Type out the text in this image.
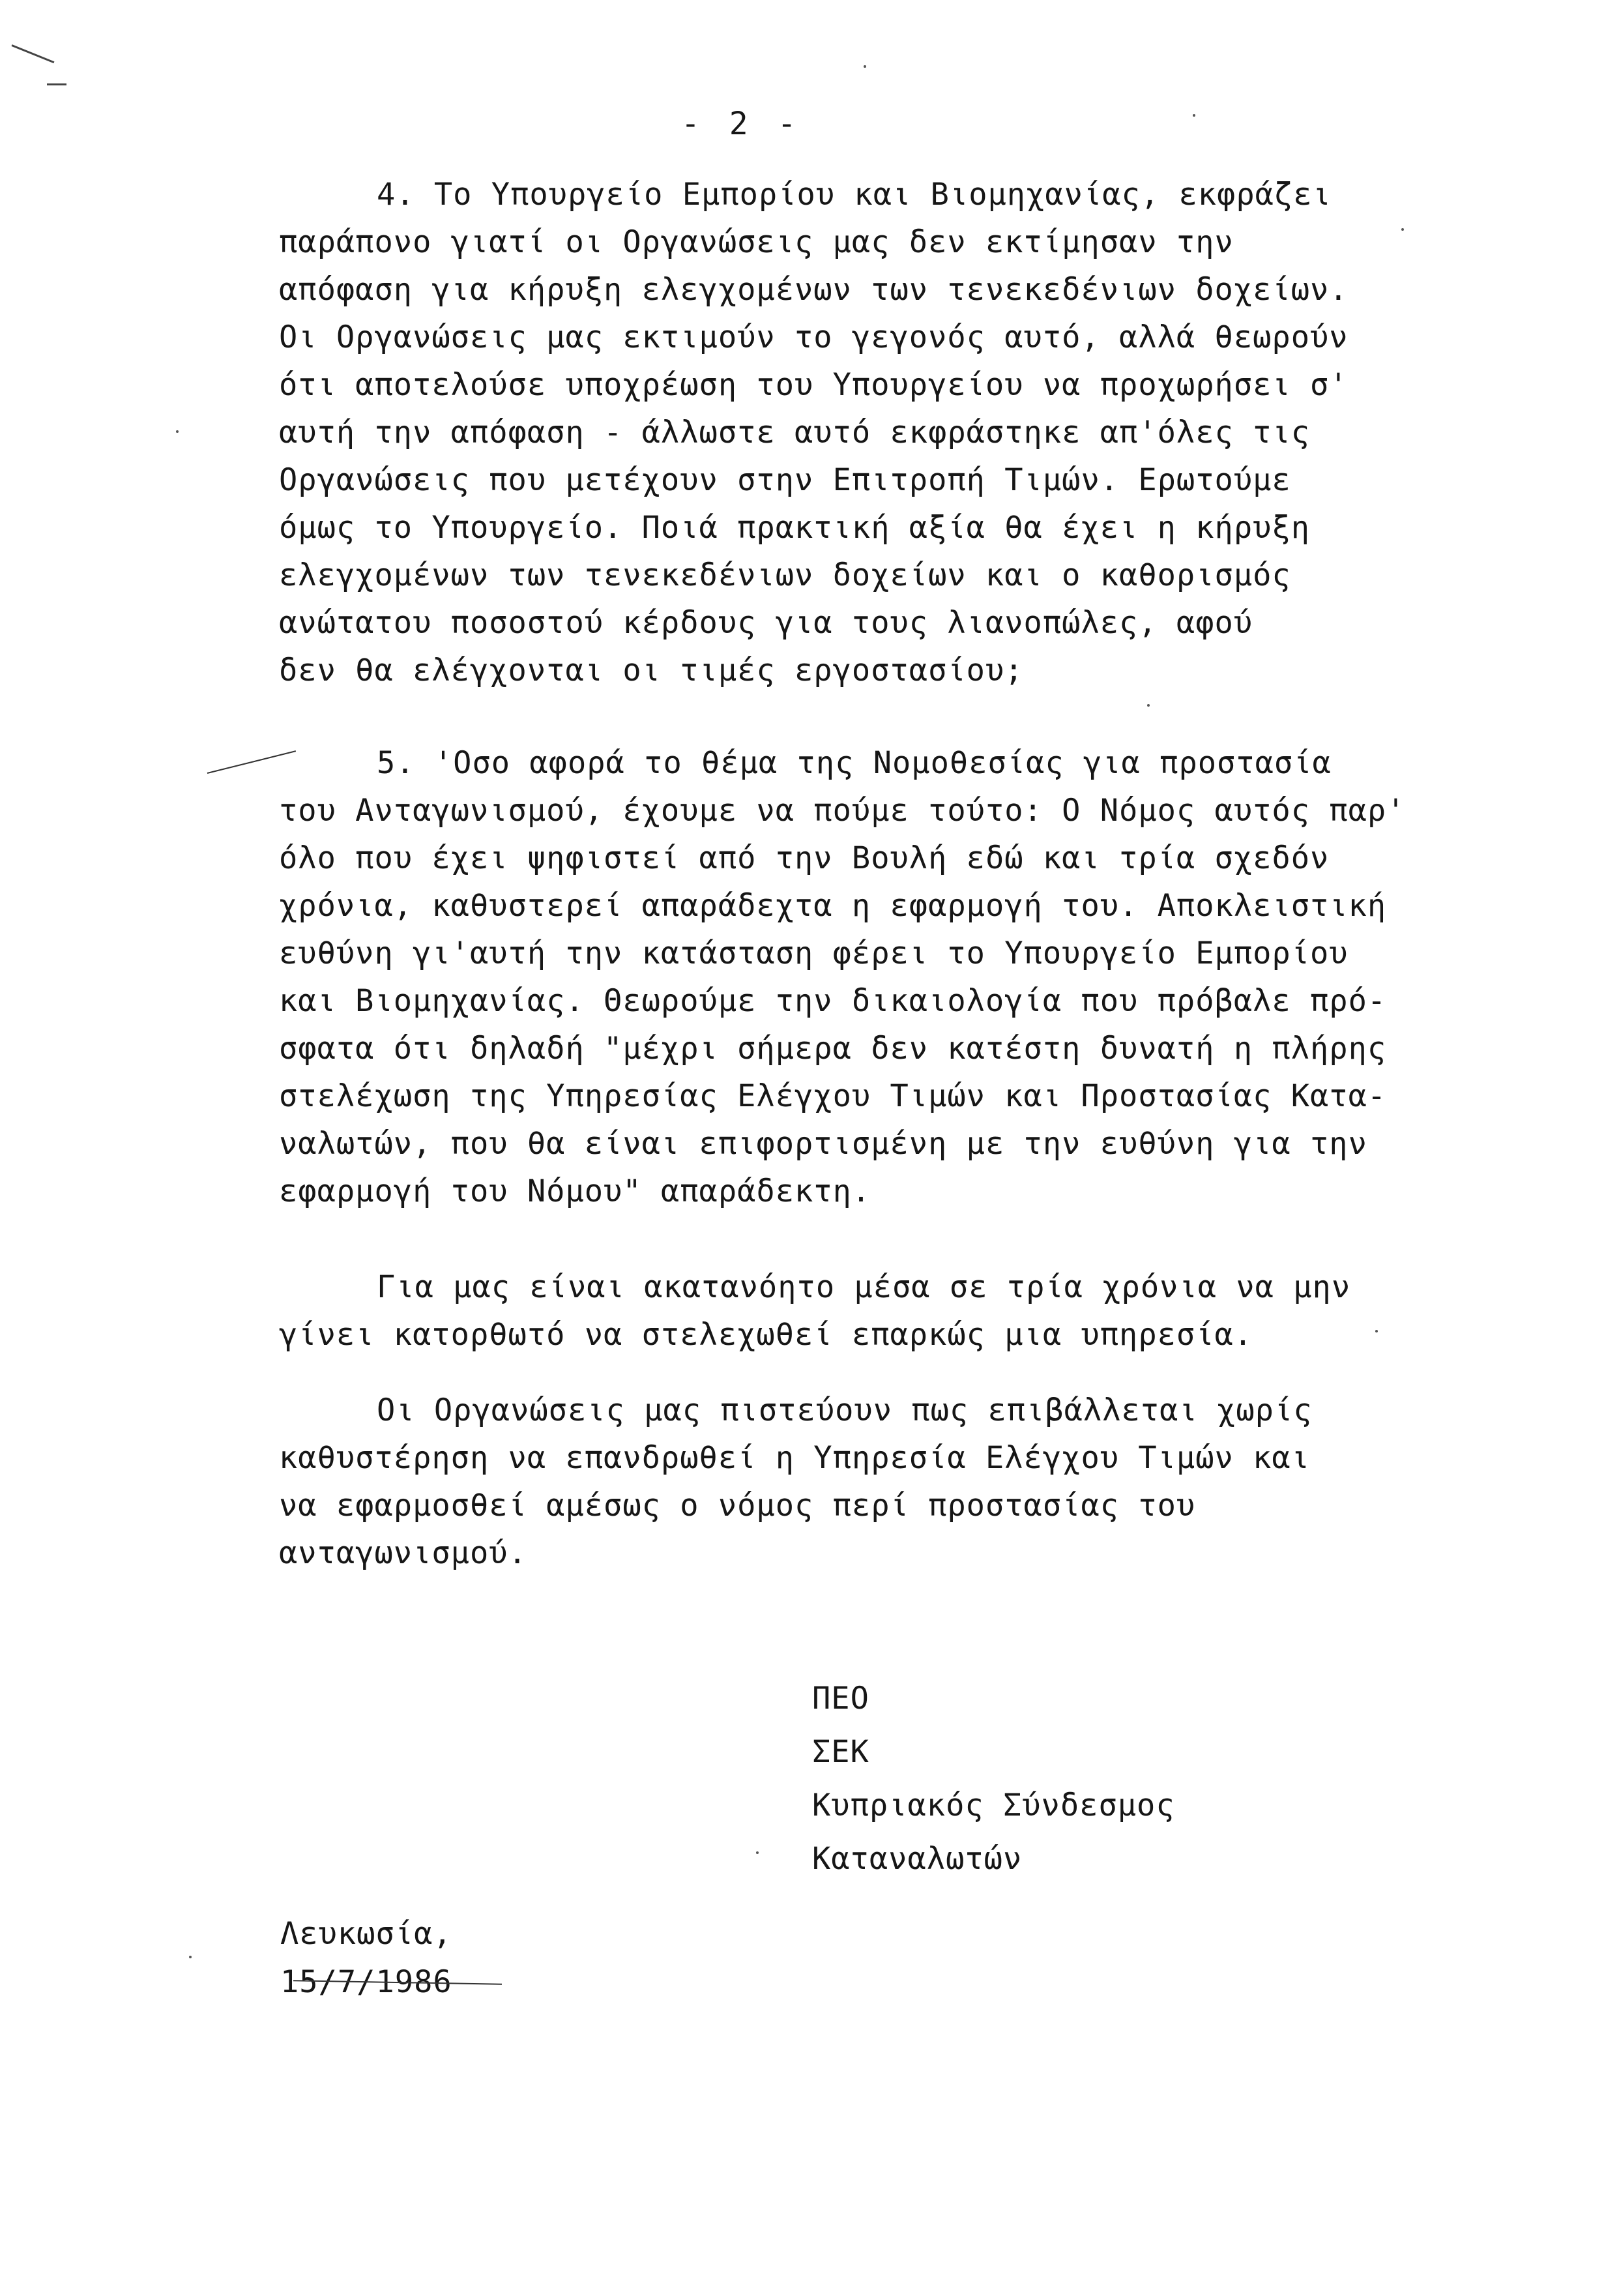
- 2 -
4. Το Υπουργείο Εμπορίου και Βιομηχανίας, εκφράζει
παράπονο γιατί οι Οργανώσεις μας δεν εκτίμησαν την
απόφαση για κήρυξη ελεγχομένων των τενεκεδένιων δοχείων.
Οι Οργανώσεις μας εκτιμούν το γεγονός αυτό, αλλά θεωρούν
ότι αποτελούσε υποχρέωση του Υπουργείου να προχωρήσει σ'
αυτή την απόφαση - άλλωστε αυτό εκφράστηκε απ'όλες τις
Οργανώσεις που μετέχουν στην Επιτροπή Τιμών. Ερωτούμε
όμως το Υπουργείο. Ποιά πρακτική αξία θα έχει η κήρυξη
ελεγχομένων των τενεκεδένιων δοχείων και ο καθορισμός
ανώτατου ποσοστού κέρδους για τους λιανοπώλες, αφού
δεν θα ελέγχονται οι τιμές εργοστασίου;
5. 'Οσο αφορά το θέμα της Νομοθεσίας για προστασία
του Ανταγωνισμού, έχουμε να πούμε τούτο: Ο Νόμος αυτός παρ'
όλο που έχει ψηφιστεί από την Βουλή εδώ και τρία σχεδόν
χρόνια, καθυστερεί απαράδεχτα η εφαρμογή του. Αποκλειστική
ευθύνη γι'αυτή την κατάσταση φέρει το Υπουργείο Εμπορίου
και Βιομηχανίας. Θεωρούμε την δικαιολογία που πρόβαλε πρό-
σφατα ότι δηλαδή "μέχρι σήμερα δεν κατέστη δυνατή η πλήρης
στελέχωση της Υπηρεσίας Ελέγχου Τιμών και Προστασίας Κατα-
ναλωτών, που θα είναι επιφορτισμένη με την ευθύνη για την
εφαρμογή του Νόμου" απαράδεκτη.
Για μας είναι ακατανόητο μέσα σε τρία χρόνια να μην
γίνει κατορθωτό να στελεχωθεί επαρκώς μια υπηρεσία.
Οι Οργανώσεις μας πιστεύουν πως επιβάλλεται χωρίς
καθυστέρηση να επανδρωθεί η Υπηρεσία Ελέγχου Τιμών και
να εφαρμοσθεί αμέσως ο νόμος περί προστασίας του
ανταγωνισμού.
ΠΕΟ
ΣΕΚ
Κυπριακός Σύνδεσμος
Καταναλωτών
Λευκωσία,
15/7/1986
